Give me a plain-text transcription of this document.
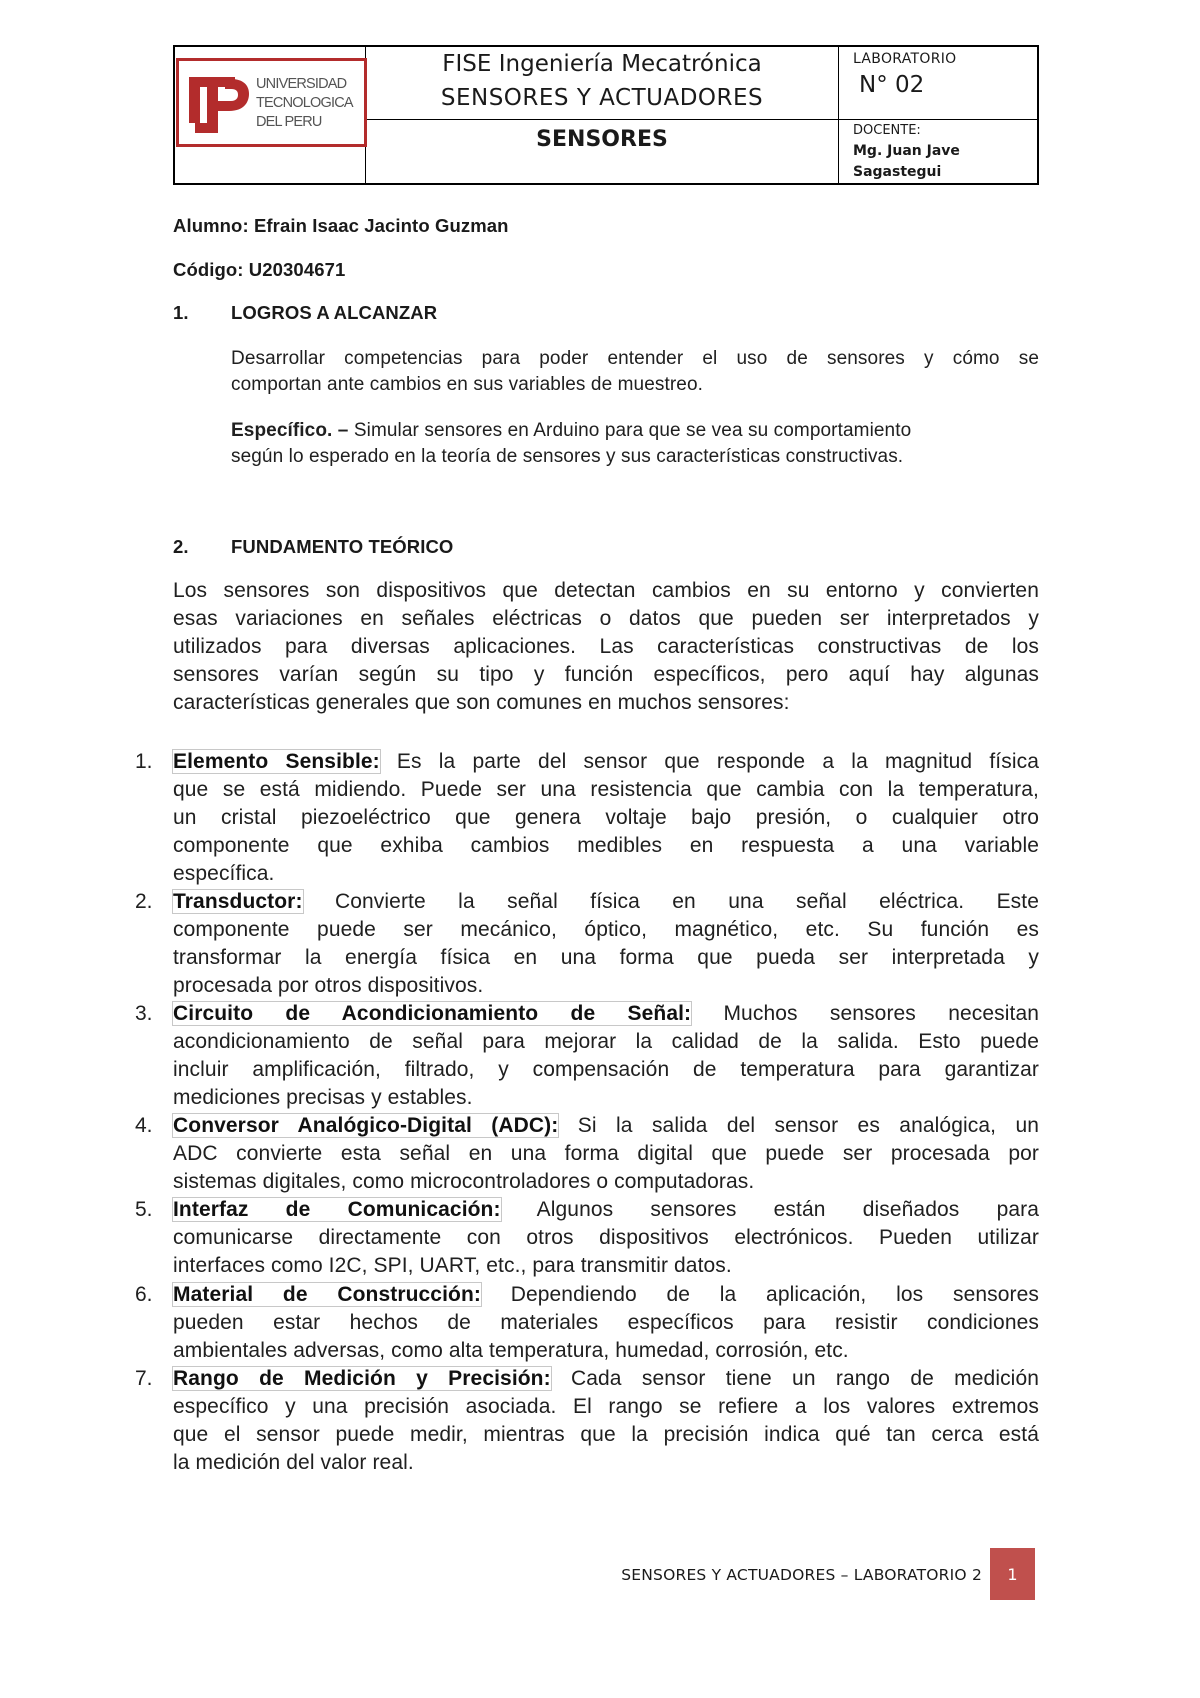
UNIVERSIDAD
TECNOLOGICA
DEL PERU
FISE Ingeniería Mecatrónica
SENSORES Y ACTUADORES
SENSORES
LABORATORIO
N° 02
DOCENTE:
Mg. Juan Jave
Sagastegui
Alumno: Efrain Isaac Jacinto Guzman
Código: U20304671
1. LOGROS A ALCANZAR
Desarrollar competencias para poder entender el uso de sensores y cómo se
comportan ante cambios en sus variables de muestreo.
Específico. – Simular sensores en Arduino para que se vea su comportamiento
según lo esperado en la teoría de sensores y sus características constructivas.
2. FUNDAMENTO TEÓRICO
Los sensores son dispositivos que detectan cambios en su entorno y convierten
esas variaciones en señales eléctricas o datos que pueden ser interpretados y
utilizados para diversas aplicaciones. Las características constructivas de los
sensores varían según su tipo y función específicos, pero aquí hay algunas
características generales que son comunes en muchos sensores:
1. Elemento Sensible: Es la parte del sensor que responde a la magnitud física
que se está midiendo. Puede ser una resistencia que cambia con la temperatura,
un cristal piezoeléctrico que genera voltaje bajo presión, o cualquier otro
componente que exhiba cambios medibles en respuesta a una variable
específica.
2. Transductor: Convierte la señal física en una señal eléctrica. Este
componente puede ser mecánico, óptico, magnético, etc. Su función es
transformar la energía física en una forma que pueda ser interpretada y
procesada por otros dispositivos.
3. Circuito de Acondicionamiento de Señal: Muchos sensores necesitan
acondicionamiento de señal para mejorar la calidad de la salida. Esto puede
incluir amplificación, filtrado, y compensación de temperatura para garantizar
mediciones precisas y estables.
4. Conversor Analógico-Digital (ADC): Si la salida del sensor es analógica, un
ADC convierte esta señal en una forma digital que puede ser procesada por
sistemas digitales, como microcontroladores o computadoras.
5. Interfaz de Comunicación: Algunos sensores están diseñados para
comunicarse directamente con otros dispositivos electrónicos. Pueden utilizar
interfaces como I2C, SPI, UART, etc., para transmitir datos.
6. Material de Construcción: Dependiendo de la aplicación, los sensores
pueden estar hechos de materiales específicos para resistir condiciones
ambientales adversas, como alta temperatura, humedad, corrosión, etc.
7. Rango de Medición y Precisión: Cada sensor tiene un rango de medición
específico y una precisión asociada. El rango se refiere a los valores extremos
que el sensor puede medir, mientras que la precisión indica qué tan cerca está
la medición del valor real.
SENSORES Y ACTUADORES – LABORATORIO 2	1
